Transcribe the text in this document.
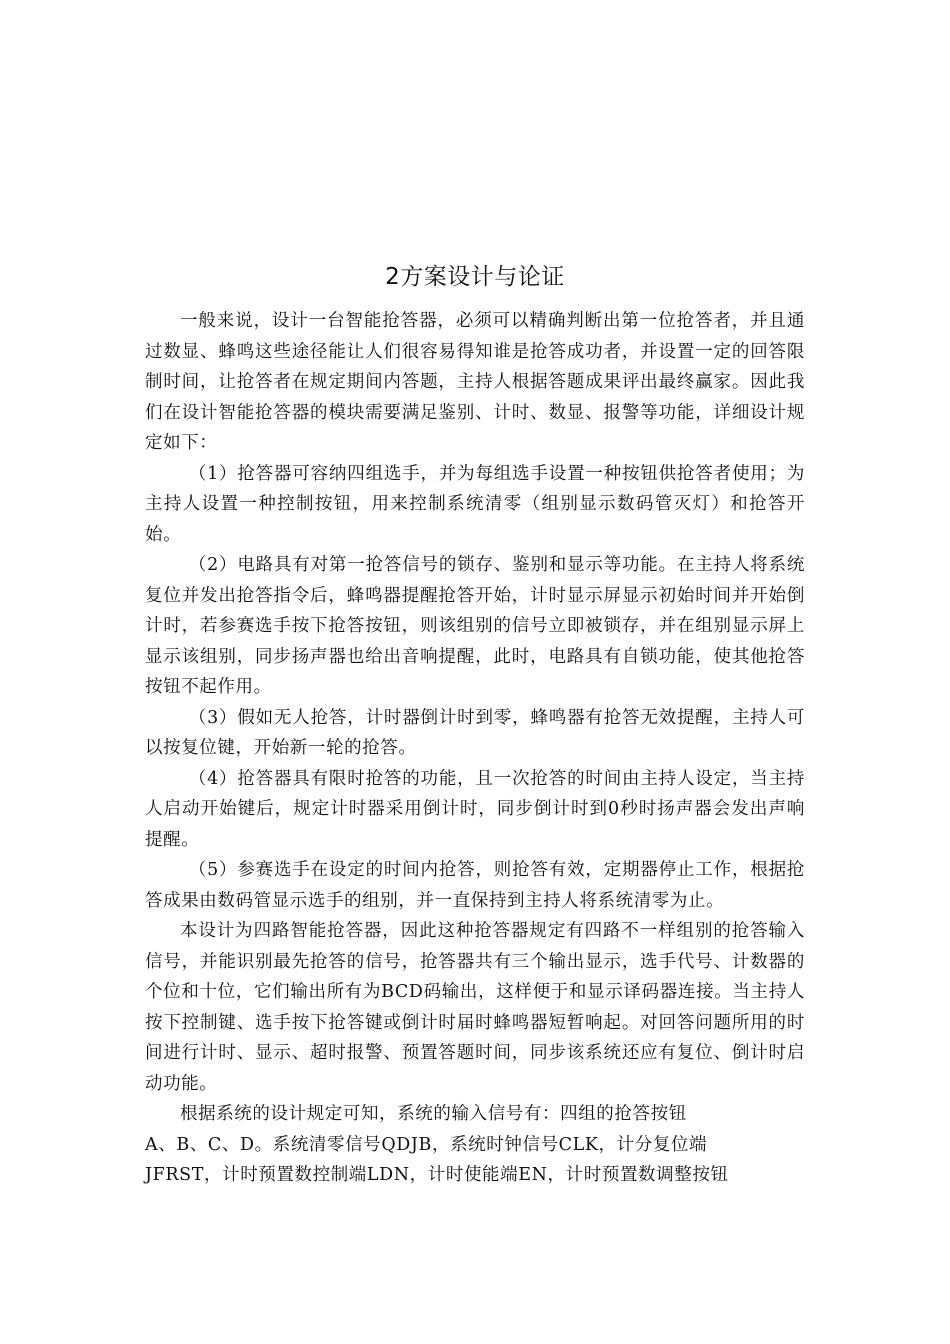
2方案设计与论证

一般来说，设计一台智能抢答器，必须可以精确判断出第一位抢答者，并且通过数显、蜂鸣这些途径能让人们很容易得知谁是抢答成功者，并设置一定的回答限制时间，让抢答者在规定期间内答题，主持人根据答题成果评出最终赢家。因此我们在设计智能抢答器的模块需要满足鉴别、计时、数显、报警等功能，详细设计规定如下：

（1）抢答器可容纳四组选手，并为每组选手设置一种按钮供抢答者使用；为主持人设置一种控制按钮，用来控制系统清零（组别显示数码管灭灯）和抢答开始。

（2）电路具有对第一抢答信号的锁存、鉴别和显示等功能。在主持人将系统复位并发出抢答指令后，蜂鸣器提醒抢答开始，计时显示屏显示初始时间并开始倒计时，若参赛选手按下抢答按钮，则该组别的信号立即被锁存，并在组别显示屏上显示该组别，同步扬声器也给出音响提醒，此时，电路具有自锁功能，使其他抢答按钮不起作用。

（3）假如无人抢答，计时器倒计时到零，蜂鸣器有抢答无效提醒，主持人可以按复位键，开始新一轮的抢答。

（4）抢答器具有限时抢答的功能，且一次抢答的时间由主持人设定，当主持人启动开始键后，规定计时器采用倒计时，同步倒计时到0秒时扬声器会发出声响提醒。

（5）参赛选手在设定的时间内抢答，则抢答有效，定期器停止工作，根据抢答成果由数码管显示选手的组别，并一直保持到主持人将系统清零为止。

本设计为四路智能抢答器，因此这种抢答器规定有四路不一样组别的抢答输入信号，并能识别最先抢答的信号，抢答器共有三个输出显示，选手代号、计数器的个位和十位，它们输出所有为BCD码输出，这样便于和显示译码器连接。当主持人按下控制键、选手按下抢答键或倒计时届时蜂鸣器短暂响起。对回答问题所用的时间进行计时、显示、超时报警、预置答题时间，同步该系统还应有复位、倒计时启动功能。

根据系统的设计规定可知，系统的输入信号有：四组的抢答按钮
A、B、C、D。系统清零信号QDJB，系统时钟信号CLK，计分复位端
JFRST，计时预置数控制端LDN，计时使能端EN，计时预置数调整按钮
